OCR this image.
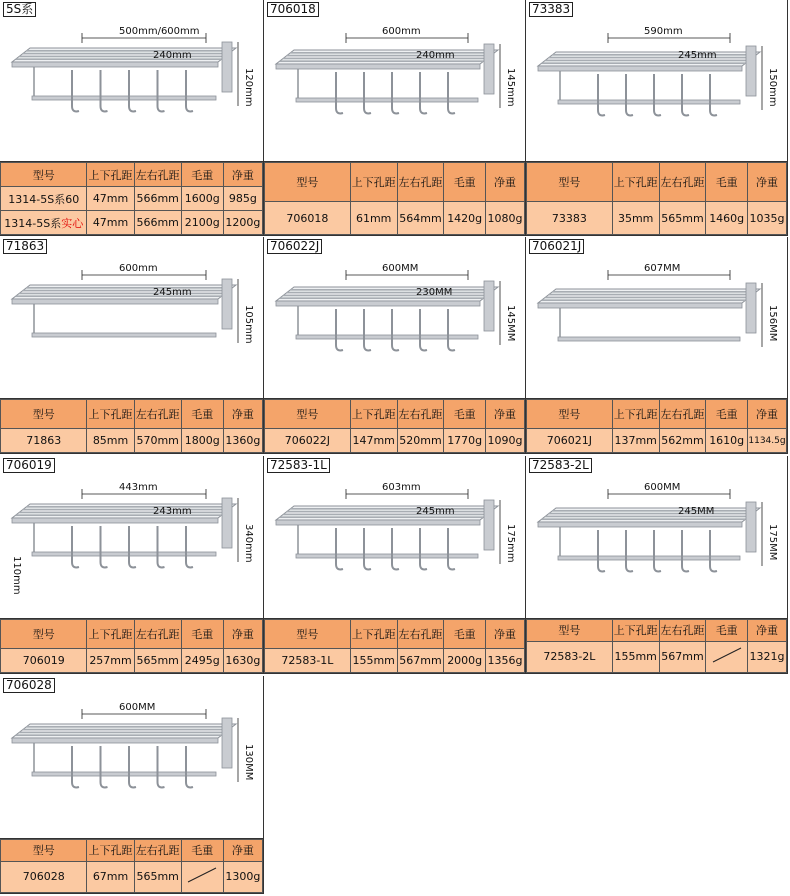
5S系
500mm/600mm
240mm
120mm
型号	上下孔距	左右孔距	毛重	净重
1314-5S系60	47mm	566mm	1600g	985g
1314-5S系实心	47mm	566mm	2100g	1200g
706018
600mm
240mm
145mm
型号	上下孔距	左右孔距	毛重	净重
706018	61mm	564mm	1420g	1080g
73383
590mm
245mm
150mm
型号	上下孔距	左右孔距	毛重	净重
73383	35mm	565mm	1460g	1035g
71863
600mm
245mm
105mm
型号	上下孔距	左右孔距	毛重	净重
71863	85mm	570mm	1800g	1360g
706022J
600MM
230MM
145MM
型号	上下孔距	左右孔距	毛重	净重
706022J	147mm	520mm	1770g	1090g
706021J
607MM
156MM
型号	上下孔距	左右孔距	毛重	净重
706021J	137mm	562mm	1610g	1134.5g
706019
443mm
243mm
340mm
110mm
型号	上下孔距	左右孔距	毛重	净重
706019	257mm	565mm	2495g	1630g
72583-1L
603mm
245mm
175mm
型号	上下孔距	左右孔距	毛重	净重
72583-1L	155mm	567mm	2000g	1356g
72583-2L
600MM
245MM
175MM
型号	上下孔距	左右孔距	毛重	净重
72583-2L	155mm	567mm		1321g
706028
600MM
130MM
型号	上下孔距	左右孔距	毛重	净重
706028	67mm	565mm		1300g
